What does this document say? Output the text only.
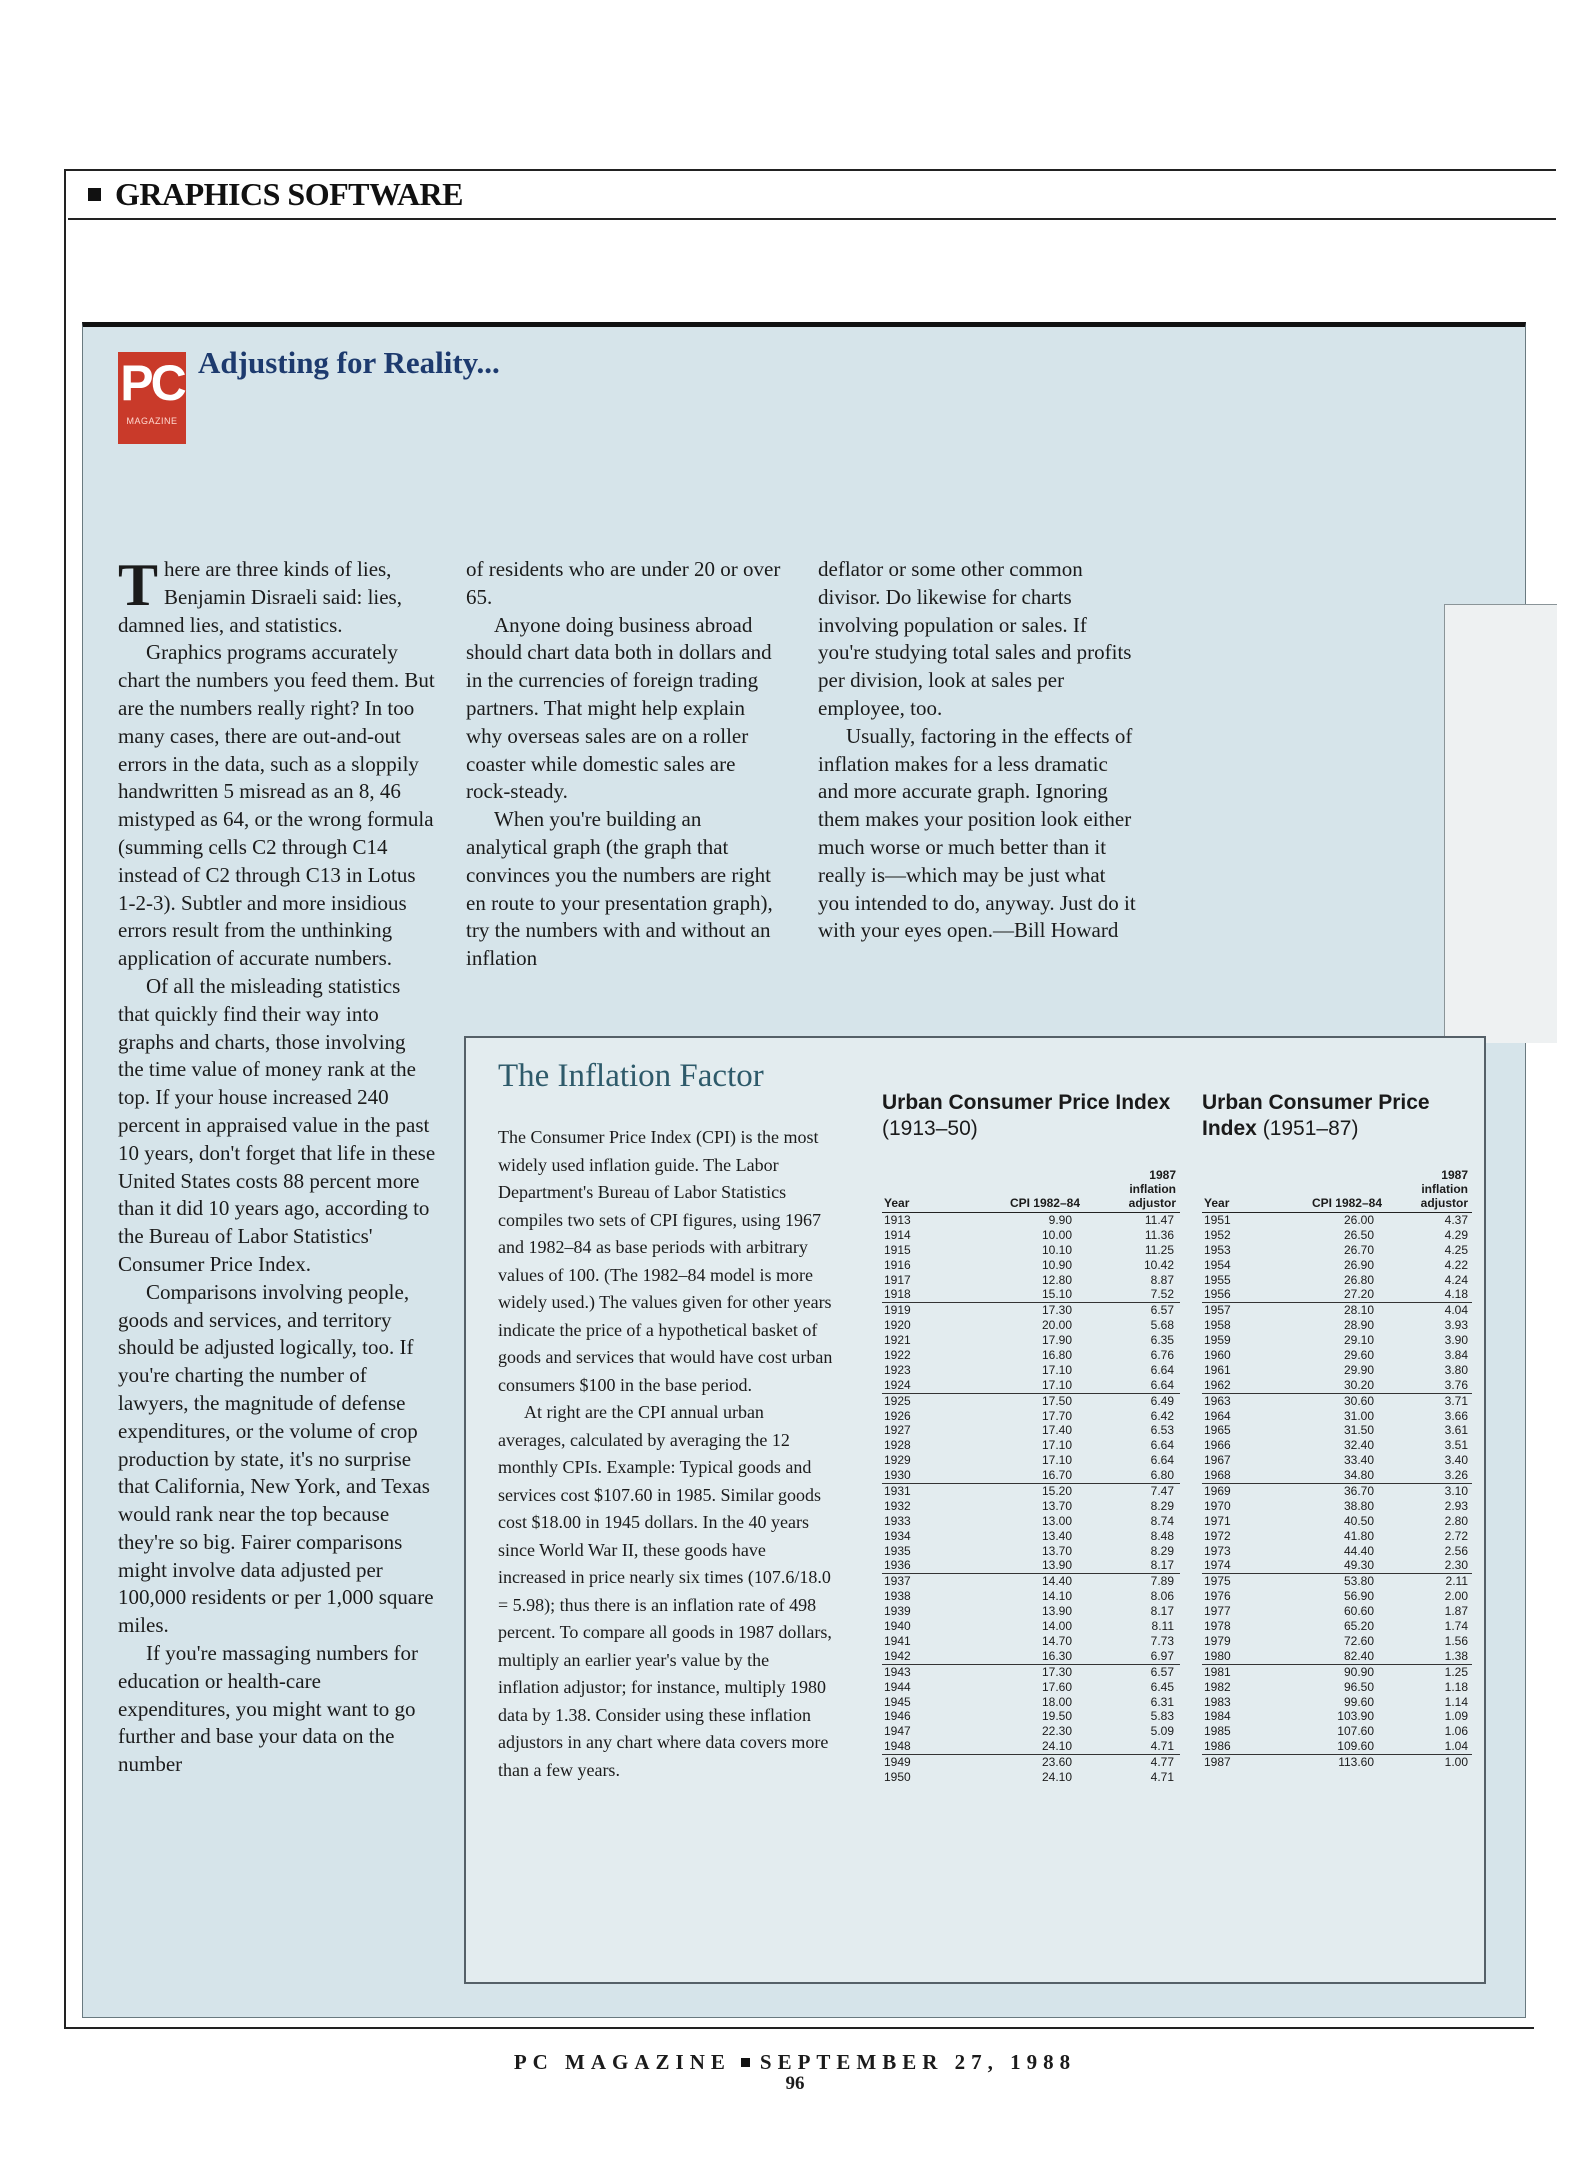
GRAPHICS SOFTWARE
PC
MAGAZINE
Adjusting for Reality...

There are three kinds of lies, Benjamin Disraeli said: lies, damned lies, and statistics.

Graphics programs accurately chart the numbers you feed them. But are the numbers really right? In too many cases, there are out-and-out errors in the data, such as a sloppily handwritten 5 misread as an 8, 46 mistyped as 64, or the wrong formula (summing cells C2 through C14 instead of C2 through C13 in Lotus 1-2-3). Subtler and more insidious errors result from the unthinking application of accurate numbers.

Of all the misleading statistics that quickly find their way into graphs and charts, those involving the time value of money rank at the top. If your house increased 240 percent in appraised value in the past 10 years, don't forget that life in these United States costs 88 percent more than it did 10 years ago, according to the Bureau of Labor Statistics' Consumer Price Index.

Comparisons involving people, goods and services, and territory should be adjusted logically, too. If you're charting the number of lawyers, the magnitude of defense expenditures, or the volume of crop production by state, it's no surprise that California, New York, and Texas would rank near the top because they're so big. Fairer comparisons might involve data adjusted per 100,000 residents or per 1,000 square miles.

If you're massaging numbers for education or health-care expenditures, you might want to go further and base your data on the number

of residents who are under 20 or over 65.

Anyone doing business abroad should chart data both in dollars and in the currencies of foreign trading partners. That might help explain why overseas sales are on a roller coaster while domestic sales are rock-steady.

When you're building an analytical graph (the graph that convinces you the numbers are right en route to your presentation graph), try the numbers with and without an inflation

deflator or some other common divisor. Do likewise for charts involving population or sales. If you're studying total sales and profits per division, look at sales per employee, too.

Usually, factoring in the effects of inflation makes for a less dramatic and more accurate graph. Ignoring them makes your position look either much worse or much better than it really is—which may be just what you intended to do, anyway. Just do it with your eyes open.—Bill Howard

The Inflation Factor

The Consumer Price Index (CPI) is the most widely used inflation guide. The Labor Department's Bureau of Labor Statistics compiles two sets of CPI figures, using 1967 and 1982–84 as base periods with arbitrary values of 100. (The 1982–84 model is more widely used.) The values given for other years indicate the price of a hypothetical basket of goods and services that would have cost urban consumers $100 in the base period.

At right are the CPI annual urban averages, calculated by averaging the 12 monthly CPIs. Example: Typical goods and services cost $107.60 in 1985. Similar goods cost $18.00 in 1945 dollars. In the 40 years since World War II, these goods have increased in price nearly six times (107.6/18.0 = 5.98); thus there is an inflation rate of 498 percent. To compare all goods in 1987 dollars, multiply an earlier year's value by the inflation adjustor; for instance, multiply 1980 data by 1.38. Consider using these inflation adjustors in any chart where data covers more than a few years.

Urban Consumer Price Index (1913–50)
Year	CPI 1982–84
1987
inflation
adjustor
1913	9.90	11.47
1914	10.00	11.36
1915	10.10	11.25
1916	10.90	10.42
1917	12.80	8.87
1918	15.10	7.52
1919	17.30	6.57
1920	20.00	5.68
1921	17.90	6.35
1922	16.80	6.76
1923	17.10	6.64
1924	17.10	6.64
1925	17.50	6.49
1926	17.70	6.42
1927	17.40	6.53
1928	17.10	6.64
1929	17.10	6.64
1930	16.70	6.80
1931	15.20	7.47
1932	13.70	8.29
1933	13.00	8.74
1934	13.40	8.48
1935	13.70	8.29
1936	13.90	8.17
1937	14.40	7.89
1938	14.10	8.06
1939	13.90	8.17
1940	14.00	8.11
1941	14.70	7.73
1942	16.30	6.97
1943	17.30	6.57
1944	17.60	6.45
1945	18.00	6.31
1946	19.50	5.83
1947	22.30	5.09
1948	24.10	4.71
1949	23.60	4.77
1950	24.10	4.71
Urban Consumer Price Index (1951–87)
Year	CPI 1982–84
1987
inflation
adjustor
1951	26.00	4.37
1952	26.50	4.29
1953	26.70	4.25
1954	26.90	4.22
1955	26.80	4.24
1956	27.20	4.18
1957	28.10	4.04
1958	28.90	3.93
1959	29.10	3.90
1960	29.60	3.84
1961	29.90	3.80
1962	30.20	3.76
1963	30.60	3.71
1964	31.00	3.66
1965	31.50	3.61
1966	32.40	3.51
1967	33.40	3.40
1968	34.80	3.26
1969	36.70	3.10
1970	38.80	2.93
1971	40.50	2.80
1972	41.80	2.72
1973	44.40	2.56
1974	49.30	2.30
1975	53.80	2.11
1976	56.90	2.00
1977	60.60	1.87
1978	65.20	1.74
1979	72.60	1.56
1980	82.40	1.38
1981	90.90	1.25
1982	96.50	1.18
1983	99.60	1.14
1984	103.90	1.09
1985	107.60	1.06
1986	109.60	1.04
1987	113.60	1.00
PC MAGAZINE SEPTEMBER 27, 1988
96
